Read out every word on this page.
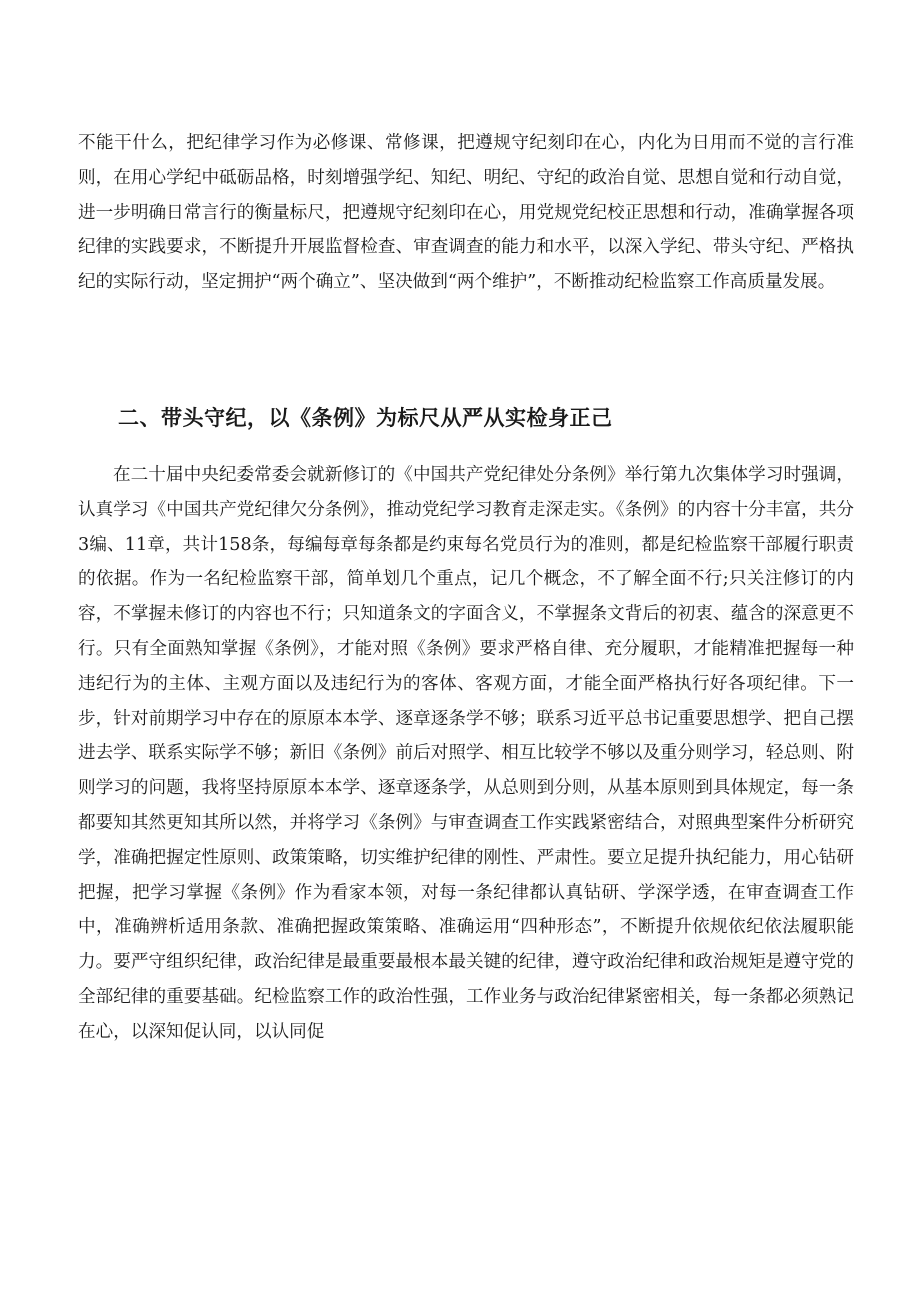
不能干什么，把纪律学习作为必修课、常修课，把遵规守纪刻印在心，内化为日用而不觉的言行准则，在用心学纪中砥砺品格，时刻增强学纪、知纪、明纪、守纪的政治自觉、思想自觉和行动自觉，进一步明确日常言行的衡量标尺，把遵规守纪刻印在心，用党规党纪校正思想和行动，准确掌握各项纪律的实践要求，不断提升开展监督检查、审查调查的能力和水平，以深入学纪、带头守纪、严格执纪的实际行动，坚定拥护“两个确立”、坚决做到“两个维护”，不断推动纪检监察工作高质量发展。

二、带头守纪，以《条例》为标尺从严从实检身正己

在二十届中央纪委常委会就新修订的《中国共产党纪律处分条例》举行第九次集体学习时强调，认真学习《中国共产党纪律欠分条例》，推动党纪学习教育走深走实。《条例》的内容十分丰富，共分3编、11章，共计158条，每编每章每条都是约束每名党员行为的准则，都是纪检监察干部履行职责的依据。作为一名纪检监察干部，简单划几个重点，记几个概念，不了解全面不行;只关注修订的内容，不掌握未修订的内容也不行；只知道条文的字面含义，不掌握条文背后的初衷、蕴含的深意更不行。只有全面熟知掌握《条例》，才能对照《条例》要求严格自律、充分履职，才能精准把握每一种违纪行为的主体、主观方面以及违纪行为的客体、客观方面，才能全面严格执行好各项纪律。下一步，针对前期学习中存在的原原本本学、逐章逐条学不够；联系习近平总书记重要思想学、把自己摆进去学、联系实际学不够；新旧《条例》前后对照学、相互比较学不够以及重分则学习，轻总则、附则学习的问题，我将坚持原原本本学、逐章逐条学，从总则到分则，从基本原则到具体规定，每一条都要知其然更知其所以然，并将学习《条例》与审查调查工作实践紧密结合，对照典型案件分析研究学，准确把握定性原则、政策策略，切实维护纪律的刚性、严肃性。要立足提升执纪能力，用心钻研把握，把学习掌握《条例》作为看家本领，对每一条纪律都认真钻研、学深学透，在审查调查工作中，准确辨析适用条款、准确把握政策策略、准确运用“四种形态”，不断提升依规依纪依法履职能力。要严守组织纪律，政治纪律是最重要最根本最关键的纪律，遵守政治纪律和政治规矩是遵守党的全部纪律的重要基础。纪检监察工作的政治性强，工作业务与政治纪律紧密相关，每一条都必须熟记在心，以深知促认同，以认同促
